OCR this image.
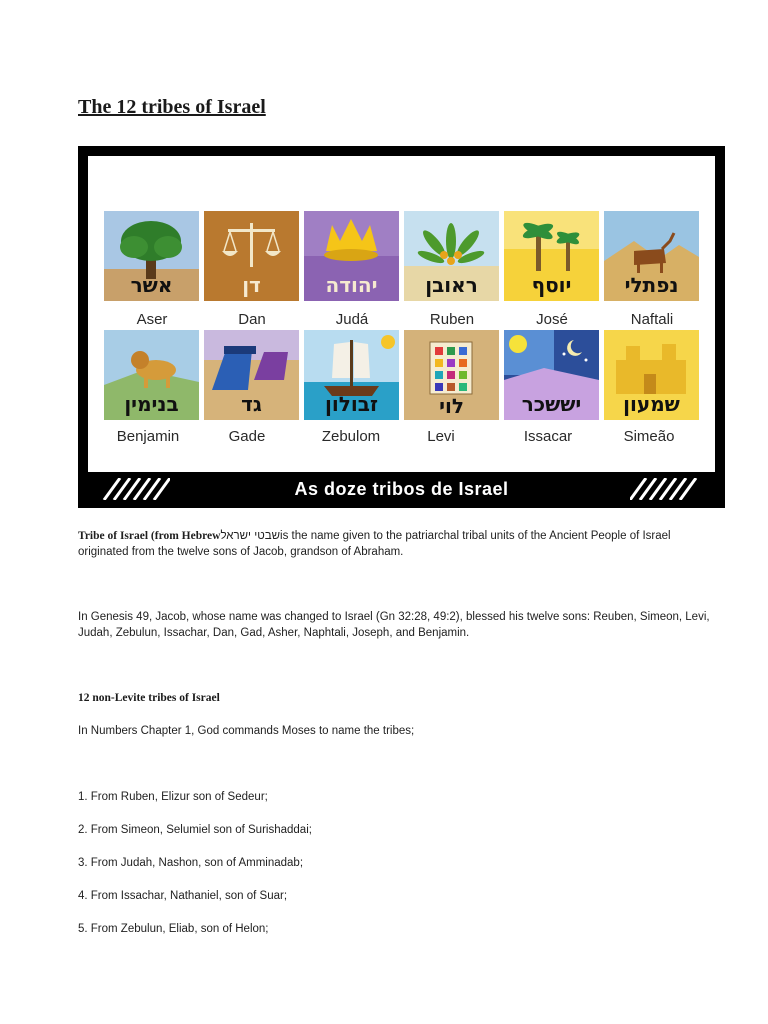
The 12 tribes of Israel
אשר
Aser
דן
Dan
יהודה
Judá
ראובן
Ruben
יוסף
José
נפתלי
Naftali
בנימין
Benjamin
גד
Gade
זבולון
Zebulom
לוי
Levi
יששכר
Issacar
שמעון
Simeão
As doze tribos de Israel

Tribe of Israel (from Hebrewשבטי ישראלis the name given to the patriarchal tribal units of the Ancient People of Israel originated from the twelve sons of Jacob, grandson of Abraham.

In Genesis 49, Jacob, whose name was changed to Israel (Gn 32:28, 49:2), blessed his twelve sons: Reuben, Simeon, Levi, Judah, Zebulun, Issachar, Dan, Gad, Asher, Naphtali, Joseph, and Benjamin.

12 non-Levite tribes of Israel
In Numbers Chapter 1, God commands Moses to name the tribes;
1. From Ruben, Elizur son of Sedeur;
2. From Simeon, Selumiel son of Surishaddai;
3. From Judah, Nashon, son of Amminadab;
4. From Issachar, Nathaniel, son of Suar;
5. From Zebulun, Eliab, son of Helon;
